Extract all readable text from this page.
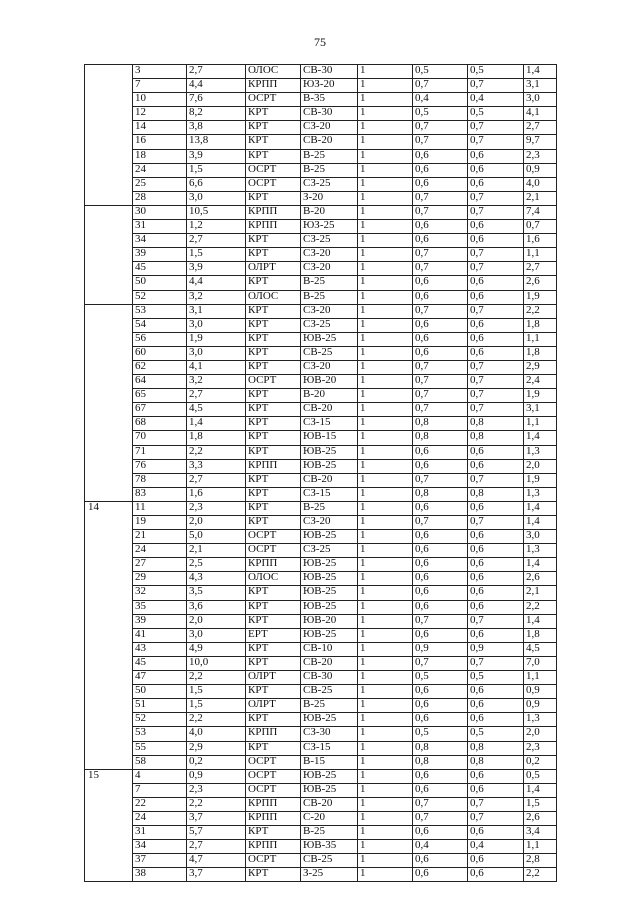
75
	3	2,7	ОЛОС	СВ-30	1	0,5	0,5	1,4	
	7	4,4	КРПП	ЮЗ-20	1	0,7	0,7	3,1	
	10	7,6	ОСРТ	В-35	1	0,4	0,4	3,0	
	12	8,2	КРТ	СВ-30	1	0,5	0,5	4,1	
	14	3,8	КРТ	СЗ-20	1	0,7	0,7	2,7	
	16	13,8	КРТ	СВ-20	1	0,7	0,7	9,7	
	18	3,9	КРТ	В-25	1	0,6	0,6	2,3	
	24	1,5	ОСРТ	В-25	1	0,6	0,6	0,9	
	25	6,6	ОСРТ	СЗ-25	1	0,6	0,6	4,0	
	28	3,0	КРТ	З-20	1	0,7	0,7	2,1	
	30	10,5	КРПП	В-20	1	0,7	0,7	7,4	
	31	1,2	КРПП	ЮЗ-25	1	0,6	0,6	0,7	
	34	2,7	КРТ	СЗ-25	1	0,6	0,6	1,6	
	39	1,5	КРТ	СЗ-20	1	0,7	0,7	1,1	
	45	3,9	ОЛРТ	СЗ-20	1	0,7	0,7	2,7	
	50	4,4	КРТ	В-25	1	0,6	0,6	2,6	
	52	3,2	ОЛОС	В-25	1	0,6	0,6	1,9	
	53	3,1	КРТ	СЗ-20	1	0,7	0,7	2,2	
	54	3,0	КРТ	СЗ-25	1	0,6	0,6	1,8	
	56	1,9	КРТ	ЮВ-25	1	0,6	0,6	1,1	
	60	3,0	КРТ	СВ-25	1	0,6	0,6	1,8	
	62	4,1	КРТ	СЗ-20	1	0,7	0,7	2,9	
	64	3,2	ОСРТ	ЮВ-20	1	0,7	0,7	2,4	
	65	2,7	КРТ	В-20	1	0,7	0,7	1,9	
	67	4,5	КРТ	СВ-20	1	0,7	0,7	3,1	
	68	1,4	КРТ	СЗ-15	1	0,8	0,8	1,1	
	70	1,8	КРТ	ЮВ-15	1	0,8	0,8	1,4	
	71	2,2	КРТ	ЮВ-25	1	0,6	0,6	1,3	
	76	3,3	КРПП	ЮВ-25	1	0,6	0,6	2,0	
	78	2,7	КРТ	СВ-20	1	0,7	0,7	1,9	
	83	1,6	КРТ	СЗ-15	1	0,8	0,8	1,3	
14	11	2,3	КРТ	В-25	1	0,6	0,6	1,4	
	19	2,0	КРТ	СЗ-20	1	0,7	0,7	1,4	
	21	5,0	ОСРТ	ЮВ-25	1	0,6	0,6	3,0	
	24	2,1	ОСРТ	СЗ-25	1	0,6	0,6	1,3	
	27	2,5	КРПП	ЮВ-25	1	0,6	0,6	1,4	
	29	4,3	ОЛОС	ЮВ-25	1	0,6	0,6	2,6	
	32	3,5	КРТ	ЮВ-25	1	0,6	0,6	2,1	
	35	3,6	КРТ	ЮВ-25	1	0,6	0,6	2,2	
	39	2,0	КРТ	ЮВ-20	1	0,7	0,7	1,4	
	41	3,0	ЕРТ	ЮВ-25	1	0,6	0,6	1,8	
	43	4,9	КРТ	СВ-10	1	0,9	0,9	4,5	
	45	10,0	КРТ	СВ-20	1	0,7	0,7	7,0	
	47	2,2	ОЛРТ	СВ-30	1	0,5	0,5	1,1	
	50	1,5	КРТ	СВ-25	1	0,6	0,6	0,9	
	51	1,5	ОЛРТ	В-25	1	0,6	0,6	0,9	
	52	2,2	КРТ	ЮВ-25	1	0,6	0,6	1,3	
	53	4,0	КРПП	СЗ-30	1	0,5	0,5	2,0	
	55	2,9	КРТ	СЗ-15	1	0,8	0,8	2,3	
	58	0,2	ОСРТ	В-15	1	0,8	0,8	0,2	
15	4	0,9	ОСРТ	ЮВ-25	1	0,6	0,6	0,5	
	7	2,3	ОСРТ	ЮВ-25	1	0,6	0,6	1,4	
	22	2,2	КРПП	СВ-20	1	0,7	0,7	1,5	
	24	3,7	КРПП	С-20	1	0,7	0,7	2,6	
	31	5,7	КРТ	В-25	1	0,6	0,6	3,4	
	34	2,7	КРПП	ЮВ-35	1	0,4	0,4	1,1	
	37	4,7	ОСРТ	СВ-25	1	0,6	0,6	2,8	
	38	3,7	КРТ	З-25	1	0,6	0,6	2,2	
